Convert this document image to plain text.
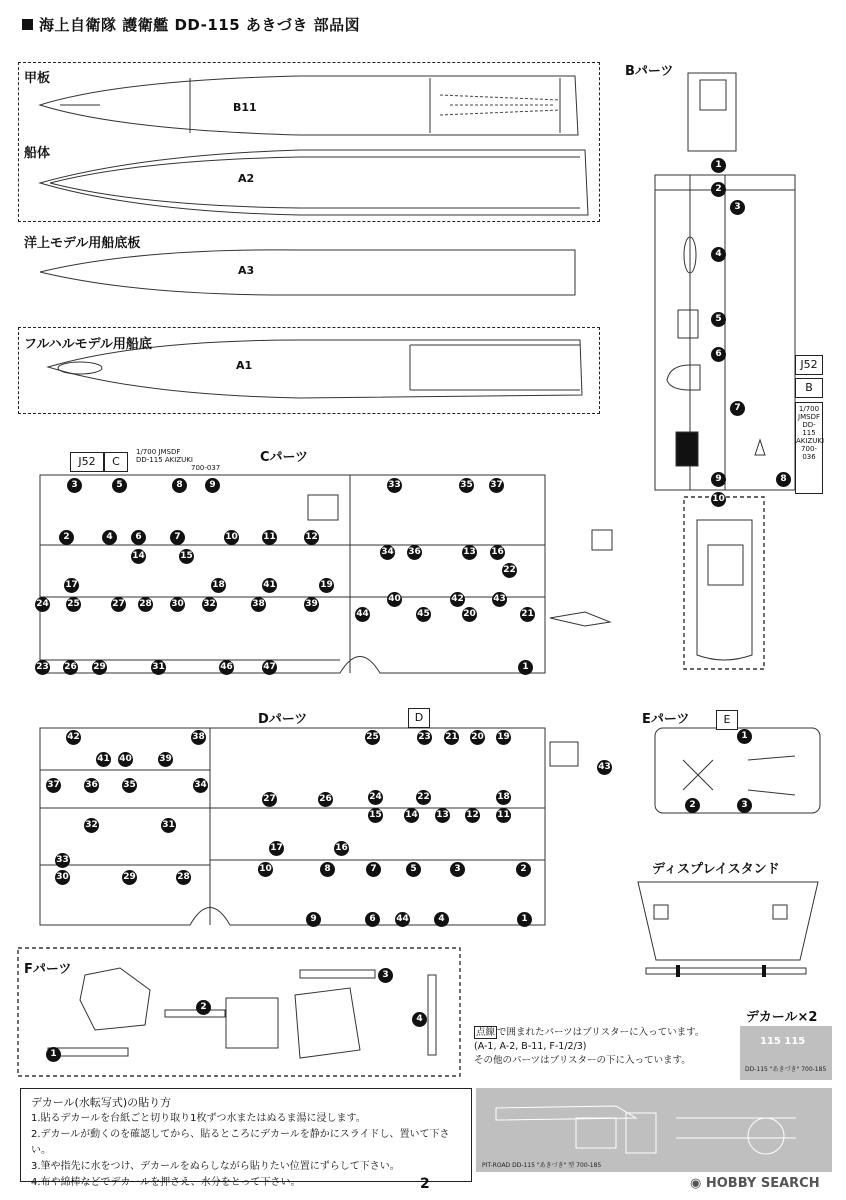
海上自衛隊 護衛艦 DD-115 あきづき 部品図
甲板
船体
B11
A2
洋上モデル用船底板
A3
フルハルモデル用船底
A1
Bパーツ
1
2
3
4
5
6
7
8
9
10
J52
B
1/700 JMSDF DD-115 AKIZUKI 700-036
Cパーツ
J52	C
1/700 JMSDF
DD-115 AKIZUKI
700-037
3	5	8	9	33	35 37
2	4	6	7	10	11	12
14	15	34 36	13 16
17	18	41	19
22
24 25	27 28 30 32	38	39	40	42	43
44	45	20	21
23 26 29	31	46	47	1
Dパーツ	D
42	38
41 40	39
37	36	35	34
25	23 21 20 19
24	22	18
27	26
32	31
15	14 13 12 11
17	16
33
10	8	7	5	3	2
30	29	28
9	6	44	4	1
43
Eパーツ	E
1
2	3
ディスプレイスタンド
Fパーツ
1
2
3
4
点線 で囲まれたパーツはブリスターに入っています。
(A-1, A-2, B-11, F-1/2/3)
その他のパーツはブリスターの下に入っています。
デカール×2
115 115
DD-115 "あきづき" 700-185
デカール(水転写式)の貼り方
1.貼るデカールを台紙ごと切り取り1枚ずつ水またはぬるま湯に浸します。
2.デカールが動くのを確認してから、貼るところにデカールを静かにスライドし、置いて下さい。
3.筆や指先に水をつけ、デカールをぬらしながら貼りたい位置にずらして下さい。
4.布や綿棒などでデカールを押さえ、水分をとって下さい。
PIT-ROAD DD-115 "あきづき" 型 700-185
2	◉ HOBBY SEARCH
